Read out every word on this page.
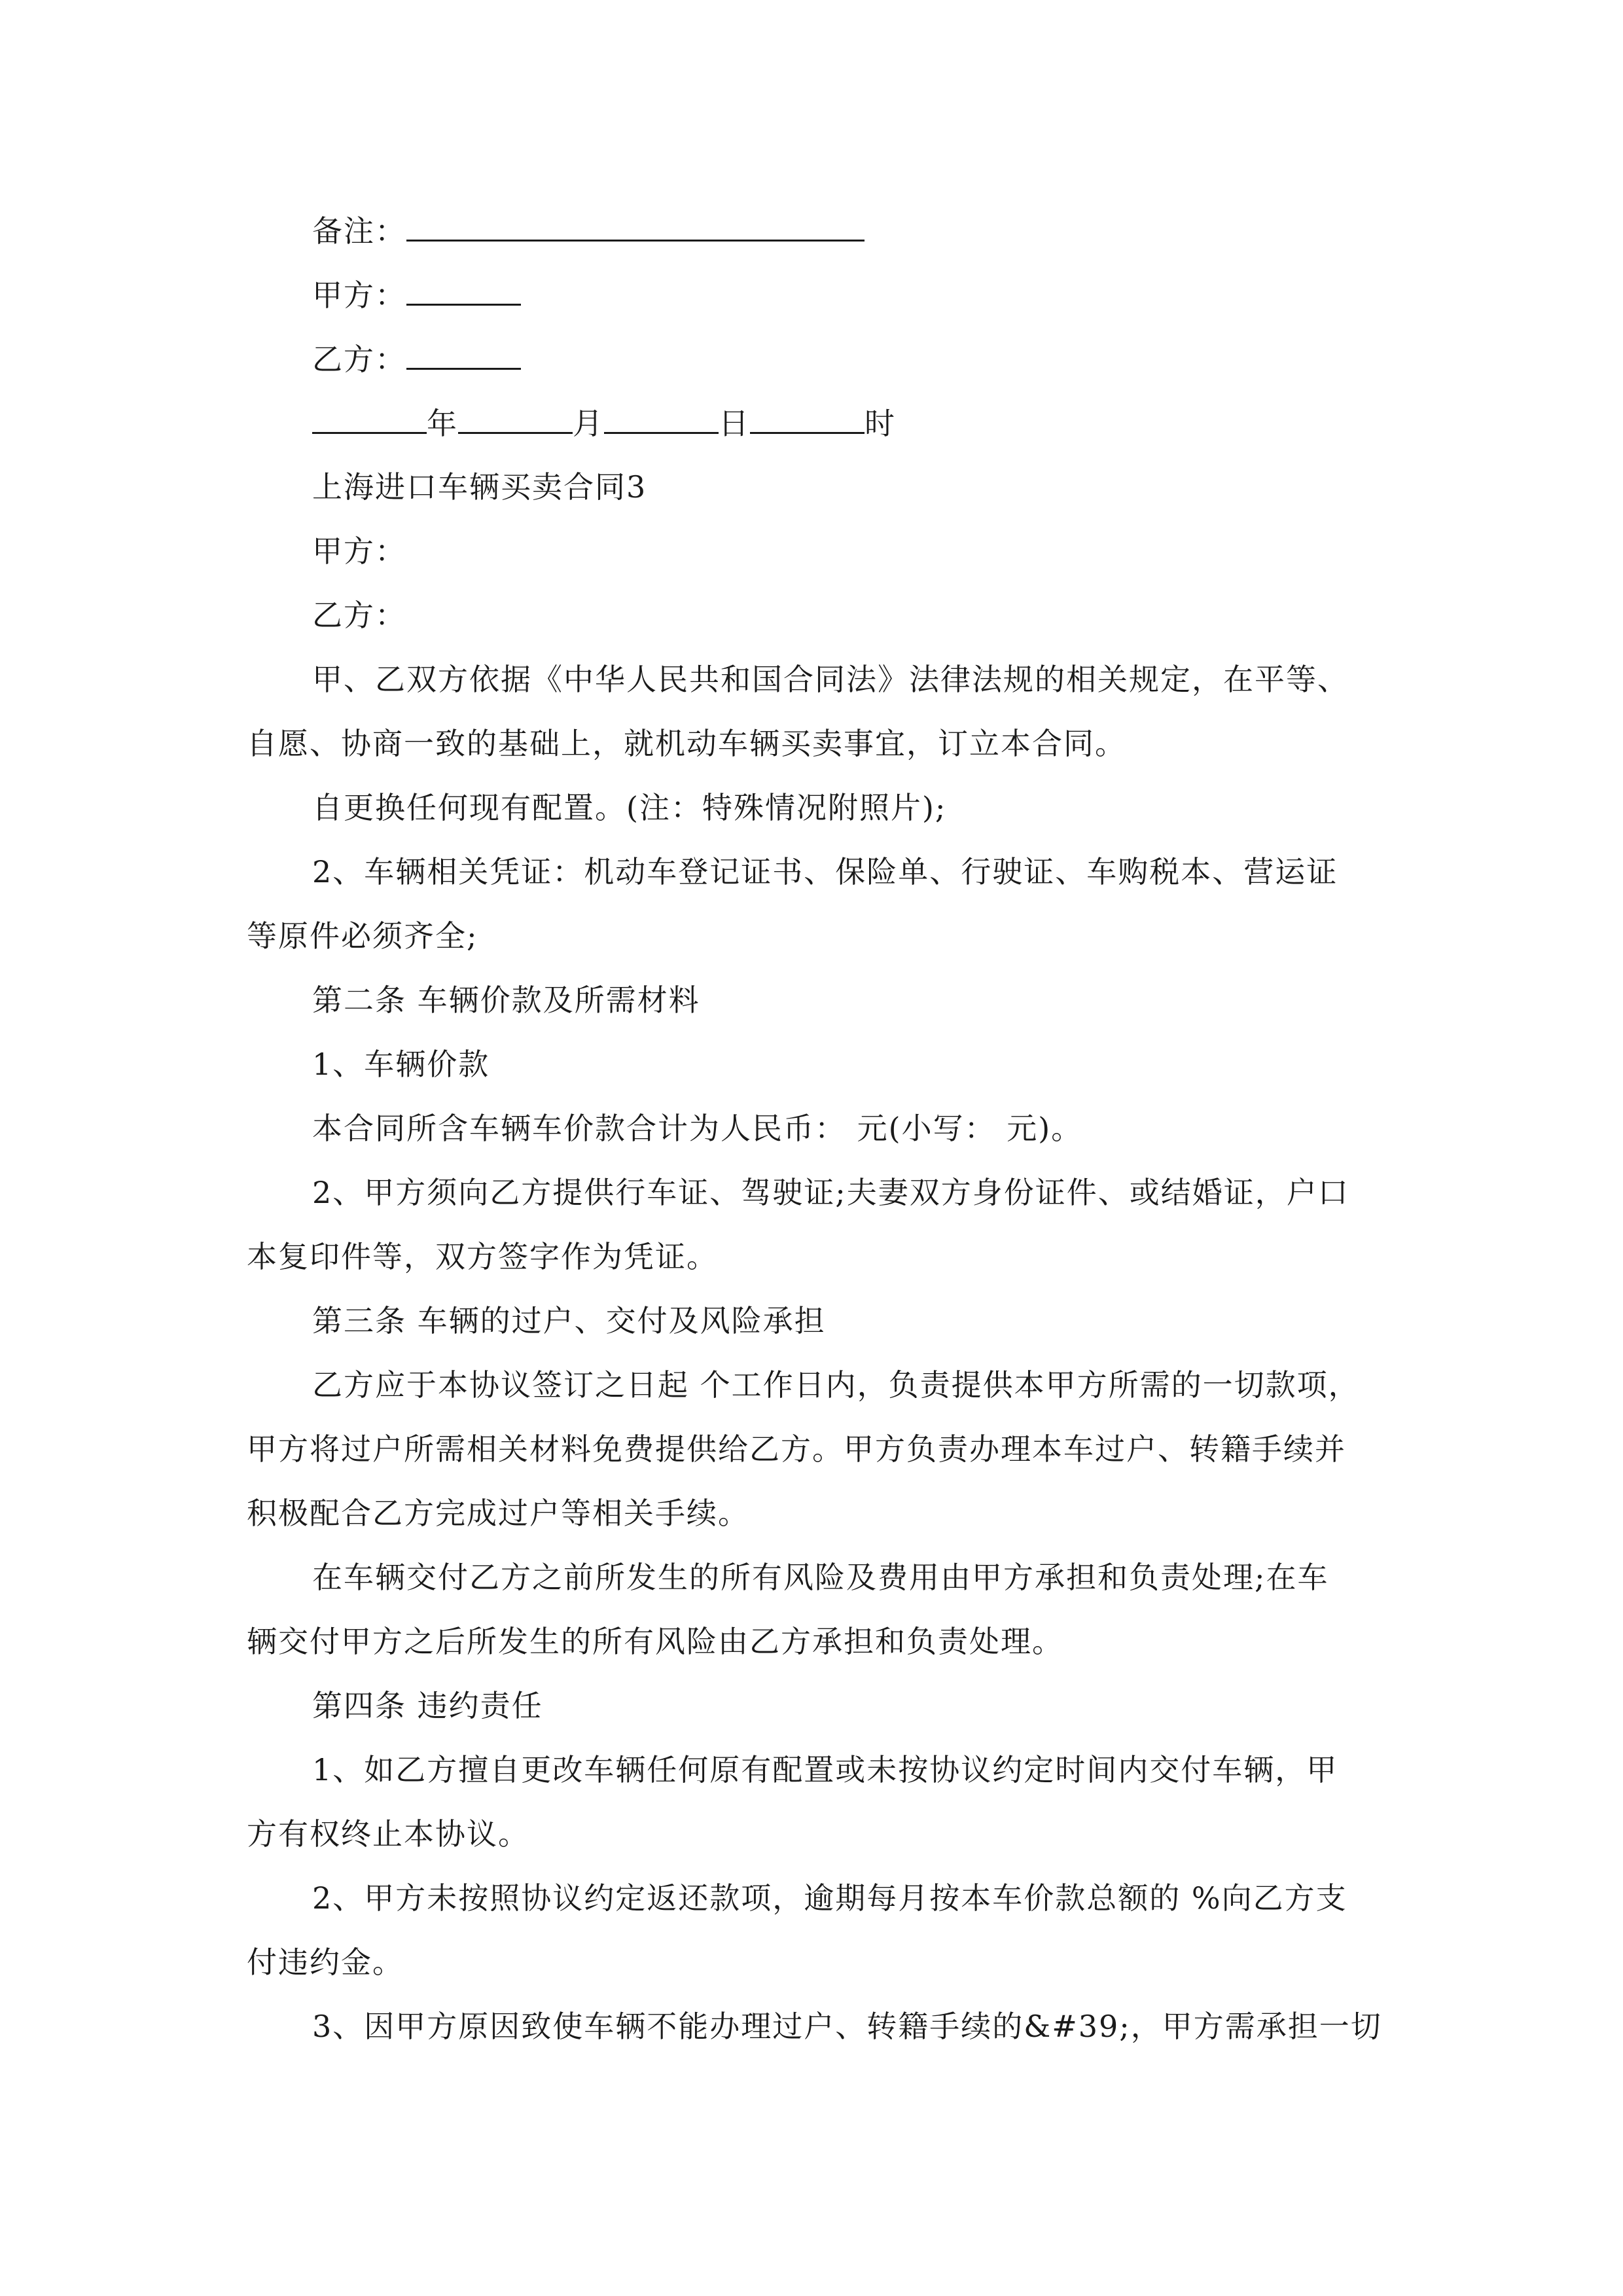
备注：
甲方：
乙方：
年	月	日	时
上海进口车辆买卖合同3
甲方：
乙方：
甲、乙双方依据《中华人民共和国合同法》法律法规的相关规定，在平等、
自愿、协商一致的基础上，就机动车辆买卖事宜，订立本合同。
自更换任何现有配置。(注：特殊情况附照片);
2、车辆相关凭证：机动车登记证书、保险单、行驶证、车购税本、营运证
等原件必须齐全;
第二条 车辆价款及所需材料
1、车辆价款
本合同所含车辆车价款合计为人民币： 元(小写： 元)。
2、甲方须向乙方提供行车证、驾驶证;夫妻双方身份证件、或结婚证，户口
本复印件等，双方签字作为凭证。
第三条 车辆的过户、交付及风险承担
乙方应于本协议签订之日起 个工作日内，负责提供本甲方所需的一切款项，
甲方将过户所需相关材料免费提供给乙方。甲方负责办理本车过户、转籍手续并
积极配合乙方完成过户等相关手续。
在车辆交付乙方之前所发生的所有风险及费用由甲方承担和负责处理;在车
辆交付甲方之后所发生的所有风险由乙方承担和负责处理。
第四条 违约责任
1、如乙方擅自更改车辆任何原有配置或未按协议约定时间内交付车辆，甲
方有权终止本协议。
2、甲方未按照协议约定返还款项，逾期每月按本车价款总额的 %向乙方支
付违约金。
3、因甲方原因致使车辆不能办理过户、转籍手续的&#39;，甲方需承担一切
